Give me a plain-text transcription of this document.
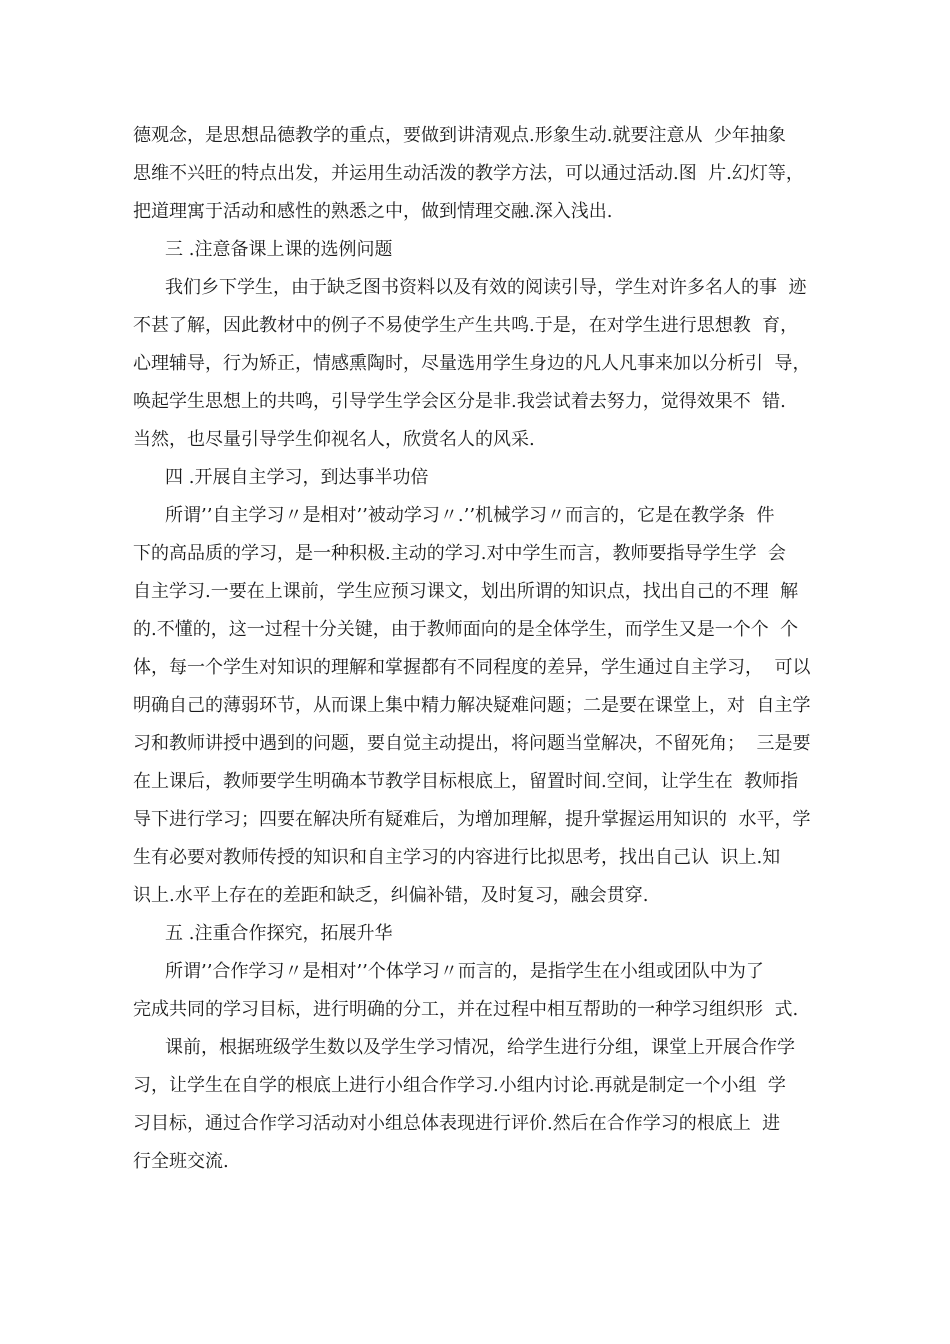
德观念，是思想品德教学的重点，要做到讲清观点.形象生动.就要注意从  少年抽象

思维不兴旺的特点出发，并运用生动活泼的教学方法，可以通过活动.图  片.幻灯等，

把道理寓于活动和感性的熟悉之中，做到情理交融.深入浅出.

三 .注意备课上课的选例问题

我们乡下学生，由于缺乏图书资料以及有效的阅读引导，学生对许多名人的事  迹

不甚了解，因此教材中的例子不易使学生产生共鸣.于是，在对学生进行思想教  育，

心理辅导，行为矫正，情感熏陶时，尽量选用学生身边的凡人凡事来加以分析引  导，

唤起学生思想上的共鸣，引导学生学会区分是非.我尝试着去努力，觉得效果不  错.

当然，也尽量引导学生仰视名人，欣赏名人的风采.

四 .开展自主学习，到达事半功倍

所谓’’自主学习〃是相对’’被动学习〃.’’机械学习〃而言的，它是在教学条  件

下的高品质的学习，是一种积极.主动的学习.对中学生而言，教师要指导学生学  会

自主学习.一要在上课前，学生应预习课文，划出所谓的知识点，找出自己的不理  解

的.不懂的，这一过程十分关键，由于教师面向的是全体学生，而学生又是一个个  个

体，每一个学生对知识的理解和掌握都有不同程度的差异，学生通过自主学习，  可以

明确自己的薄弱环节，从而课上集中精力解决疑难问题；二是要在课堂上，对  自主学

习和教师讲授中遇到的问题，要自觉主动提出，将问题当堂解决，不留死角；  三是要

在上课后，教师要学生明确本节教学目标根底上，留置时间.空间，让学生在  教师指

导下进行学习；四要在解决所有疑难后，为增加理解，提升掌握运用知识的  水平，学

生有必要对教师传授的知识和自主学习的内容进行比拟思考，找出自己认  识上.知

识上.水平上存在的差距和缺乏，纠偏补错，及时复习，融会贯穿.

五 .注重合作探究，拓展升华

所谓’’合作学习〃是相对’’个体学习〃而言的，是指学生在小组或团队中为了

完成共同的学习目标，进行明确的分工，并在过程中相互帮助的一种学习组织形  式.

课前，根据班级学生数以及学生学习情况，给学生进行分组，课堂上开展合作学

习，让学生在自学的根底上进行小组合作学习.小组内讨论.再就是制定一个小组  学

习目标，通过合作学习活动对小组总体表现进行评价.然后在合作学习的根底上  进

行全班交流.
